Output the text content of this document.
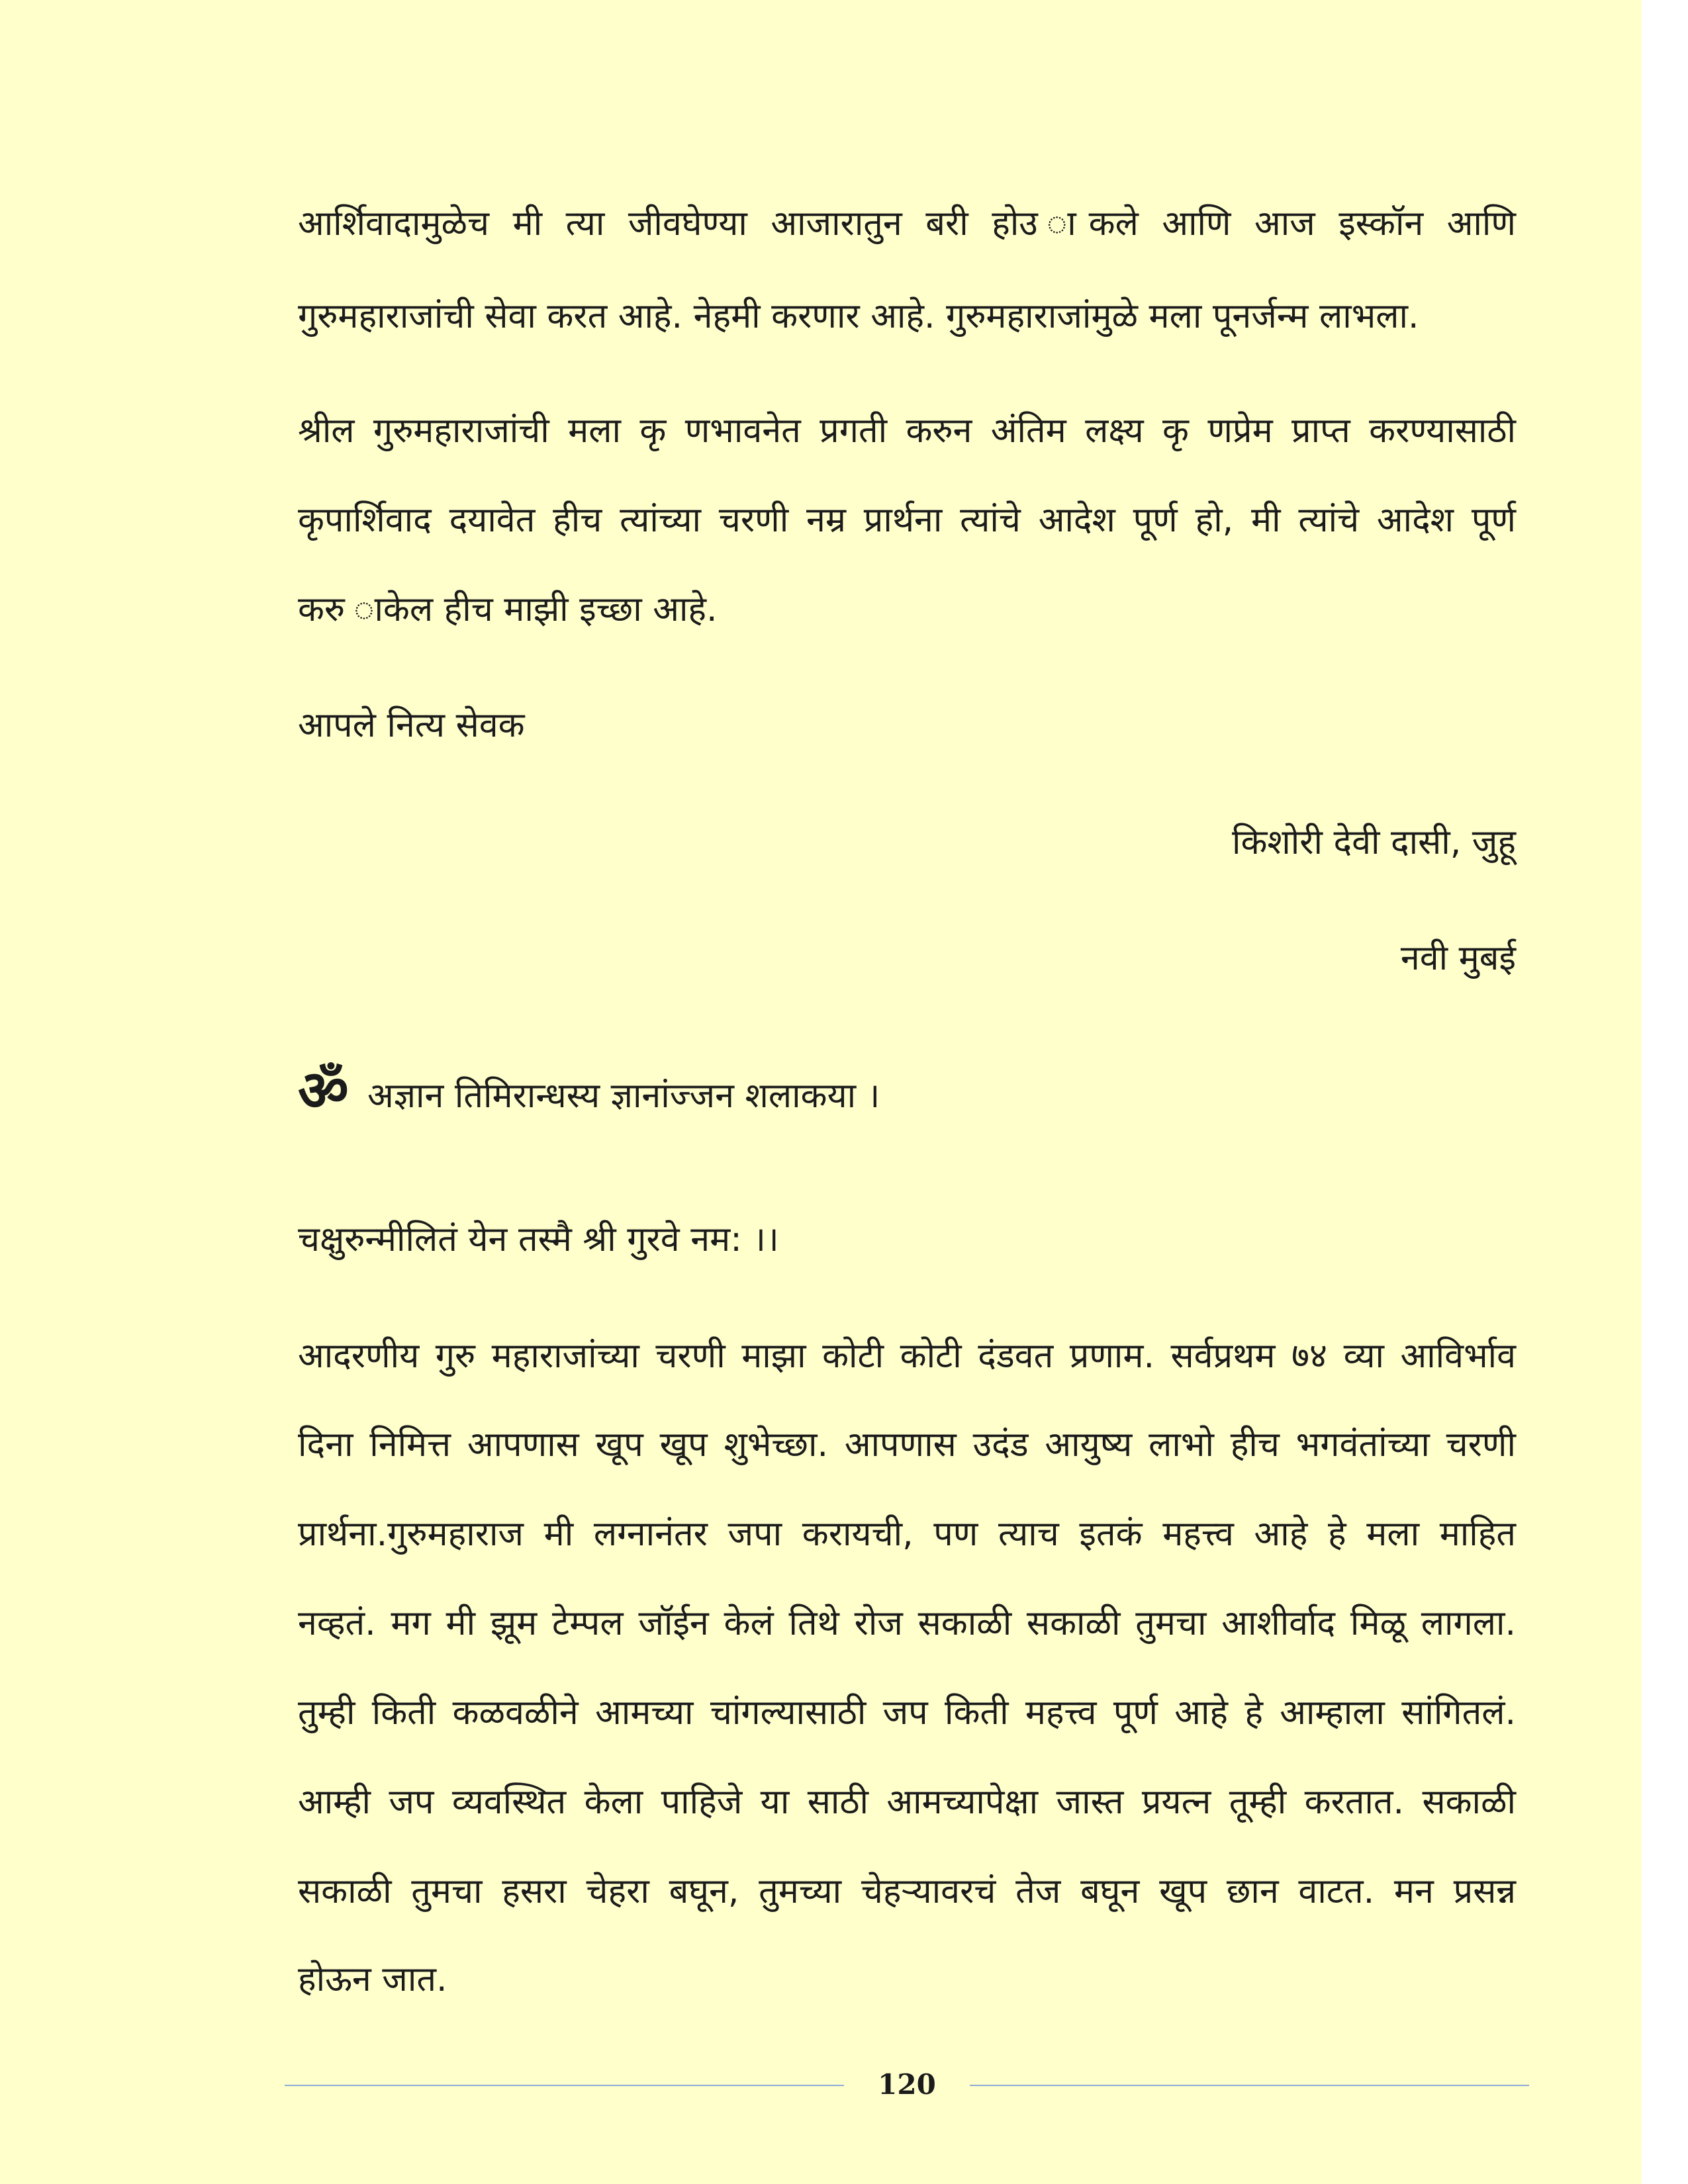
आर्शिवादामुळेच मी त्या जीवघेण्या आजारातुन बरी होउ ाकले आणि आज इस्कॉन आणि
गुरुमहाराजांची सेवा करत आहे. नेहमी करणार आहे. गुरुमहाराजांमुळे मला पूनर्जन्म लाभला.
श्रील गुरुमहाराजांची मला कृ णभावनेत प्रगती करुन अंतिम लक्ष्य कृ णप्रेम प्राप्त करण्यासाठी
कृपार्शिवाद दयावेत हीच त्यांच्या चरणी नम्र प्रार्थना त्यांचे आदेश पूर्ण हो, मी त्यांचे आदेश पूर्ण
करु ाकेल हीच माझी इच्छा आहे.
आपले नित्य सेवक
किशोरी देवी दासी, जुहू
नवी मुबई
ॐ अज्ञान तिमिरान्धस्य ज्ञानांज्जन शलाकया ।
चक्षुरुन्मीलितं येन तस्मै श्री गुरवे नम: ।।
आदरणीय गुरु महाराजांच्या चरणी माझा कोटी कोटी दंडवत प्रणाम. सर्वप्रथम ७४ व्या आविर्भाव
दिना निमित्त आपणास खूप खूप शुभेच्छा. आपणास उदंड आयुष्य लाभो हीच भगवंतांच्या चरणी
प्रार्थना.गुरुमहाराज मी लग्नानंतर जपा करायची, पण त्याच इतकं महत्त्व आहे हे मला माहित
नव्हतं. मग मी झूम टेम्पल जॉईन केलं तिथे रोज सकाळी सकाळी तुमचा आशीर्वाद मिळू लागला.
तुम्ही किती कळवळीने आमच्या चांगल्यासाठी जप किती महत्त्व पूर्ण आहे हे आम्हाला सांगितलं.
आम्ही जप व्यवस्थित केला पाहिजे या साठी आमच्यापेक्षा जास्त प्रयत्न तूम्ही करतात. सकाळी
सकाळी तुमचा हसरा चेहरा बघून, तुमच्या चेहऱ्यावरचं तेज बघून खूप छान वाटत. मन प्रसन्न
होऊन जात.
120
